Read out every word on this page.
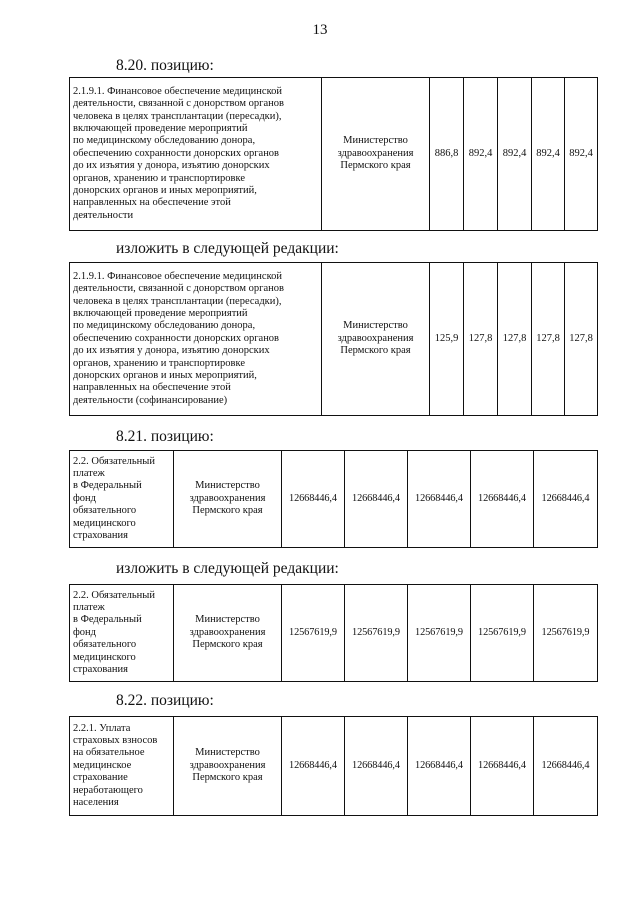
13
8.20. позицию:
2.1.9.1. Финансовое обеспечение медицинской
деятельности, связанной с донорством органов
человека в целях трансплантации (пересадки),
включающей проведение мероприятий
по медицинскому обследованию донора,
обеспечению сохранности донорских органов
до их изъятия у донора, изъятию донорских
органов, хранению и транспортировке
донорских органов и иных мероприятий,
направленных на обеспечение этой
деятельности	Министерство
здравоохранения
Пермского края	886,8	892,4	892,4	892,4	892,4
изложить в следующей редакции:
2.1.9.1. Финансовое обеспечение медицинской
деятельности, связанной с донорством органов
человека в целях трансплантации (пересадки),
включающей проведение мероприятий
по медицинскому обследованию донора,
обеспечению сохранности донорских органов
до их изъятия у донора, изъятию донорских
органов, хранению и транспортировке
донорских органов и иных мероприятий,
направленных на обеспечение этой
деятельности (софинансирование)	Министерство
здравоохранения
Пермского края	125,9	127,8	127,8	127,8	127,8
8.21. позицию:
2.2. Обязательный
платеж
в Федеральный
фонд
обязательного
медицинского
страхования	Министерство
здравоохранения
Пермского края	12668446,4	12668446,4	12668446,4	12668446,4	12668446,4
изложить в следующей редакции:
2.2. Обязательный
платеж
в Федеральный
фонд
обязательного
медицинского
страхования	Министерство
здравоохранения
Пермского края	12567619,9	12567619,9	12567619,9	12567619,9	12567619,9
8.22. позицию:
2.2.1. Уплата
страховых взносов
на обязательное
медицинское
страхование
неработающего
населения	Министерство
здравоохранения
Пермского края	12668446,4	12668446,4	12668446,4	12668446,4	12668446,4
